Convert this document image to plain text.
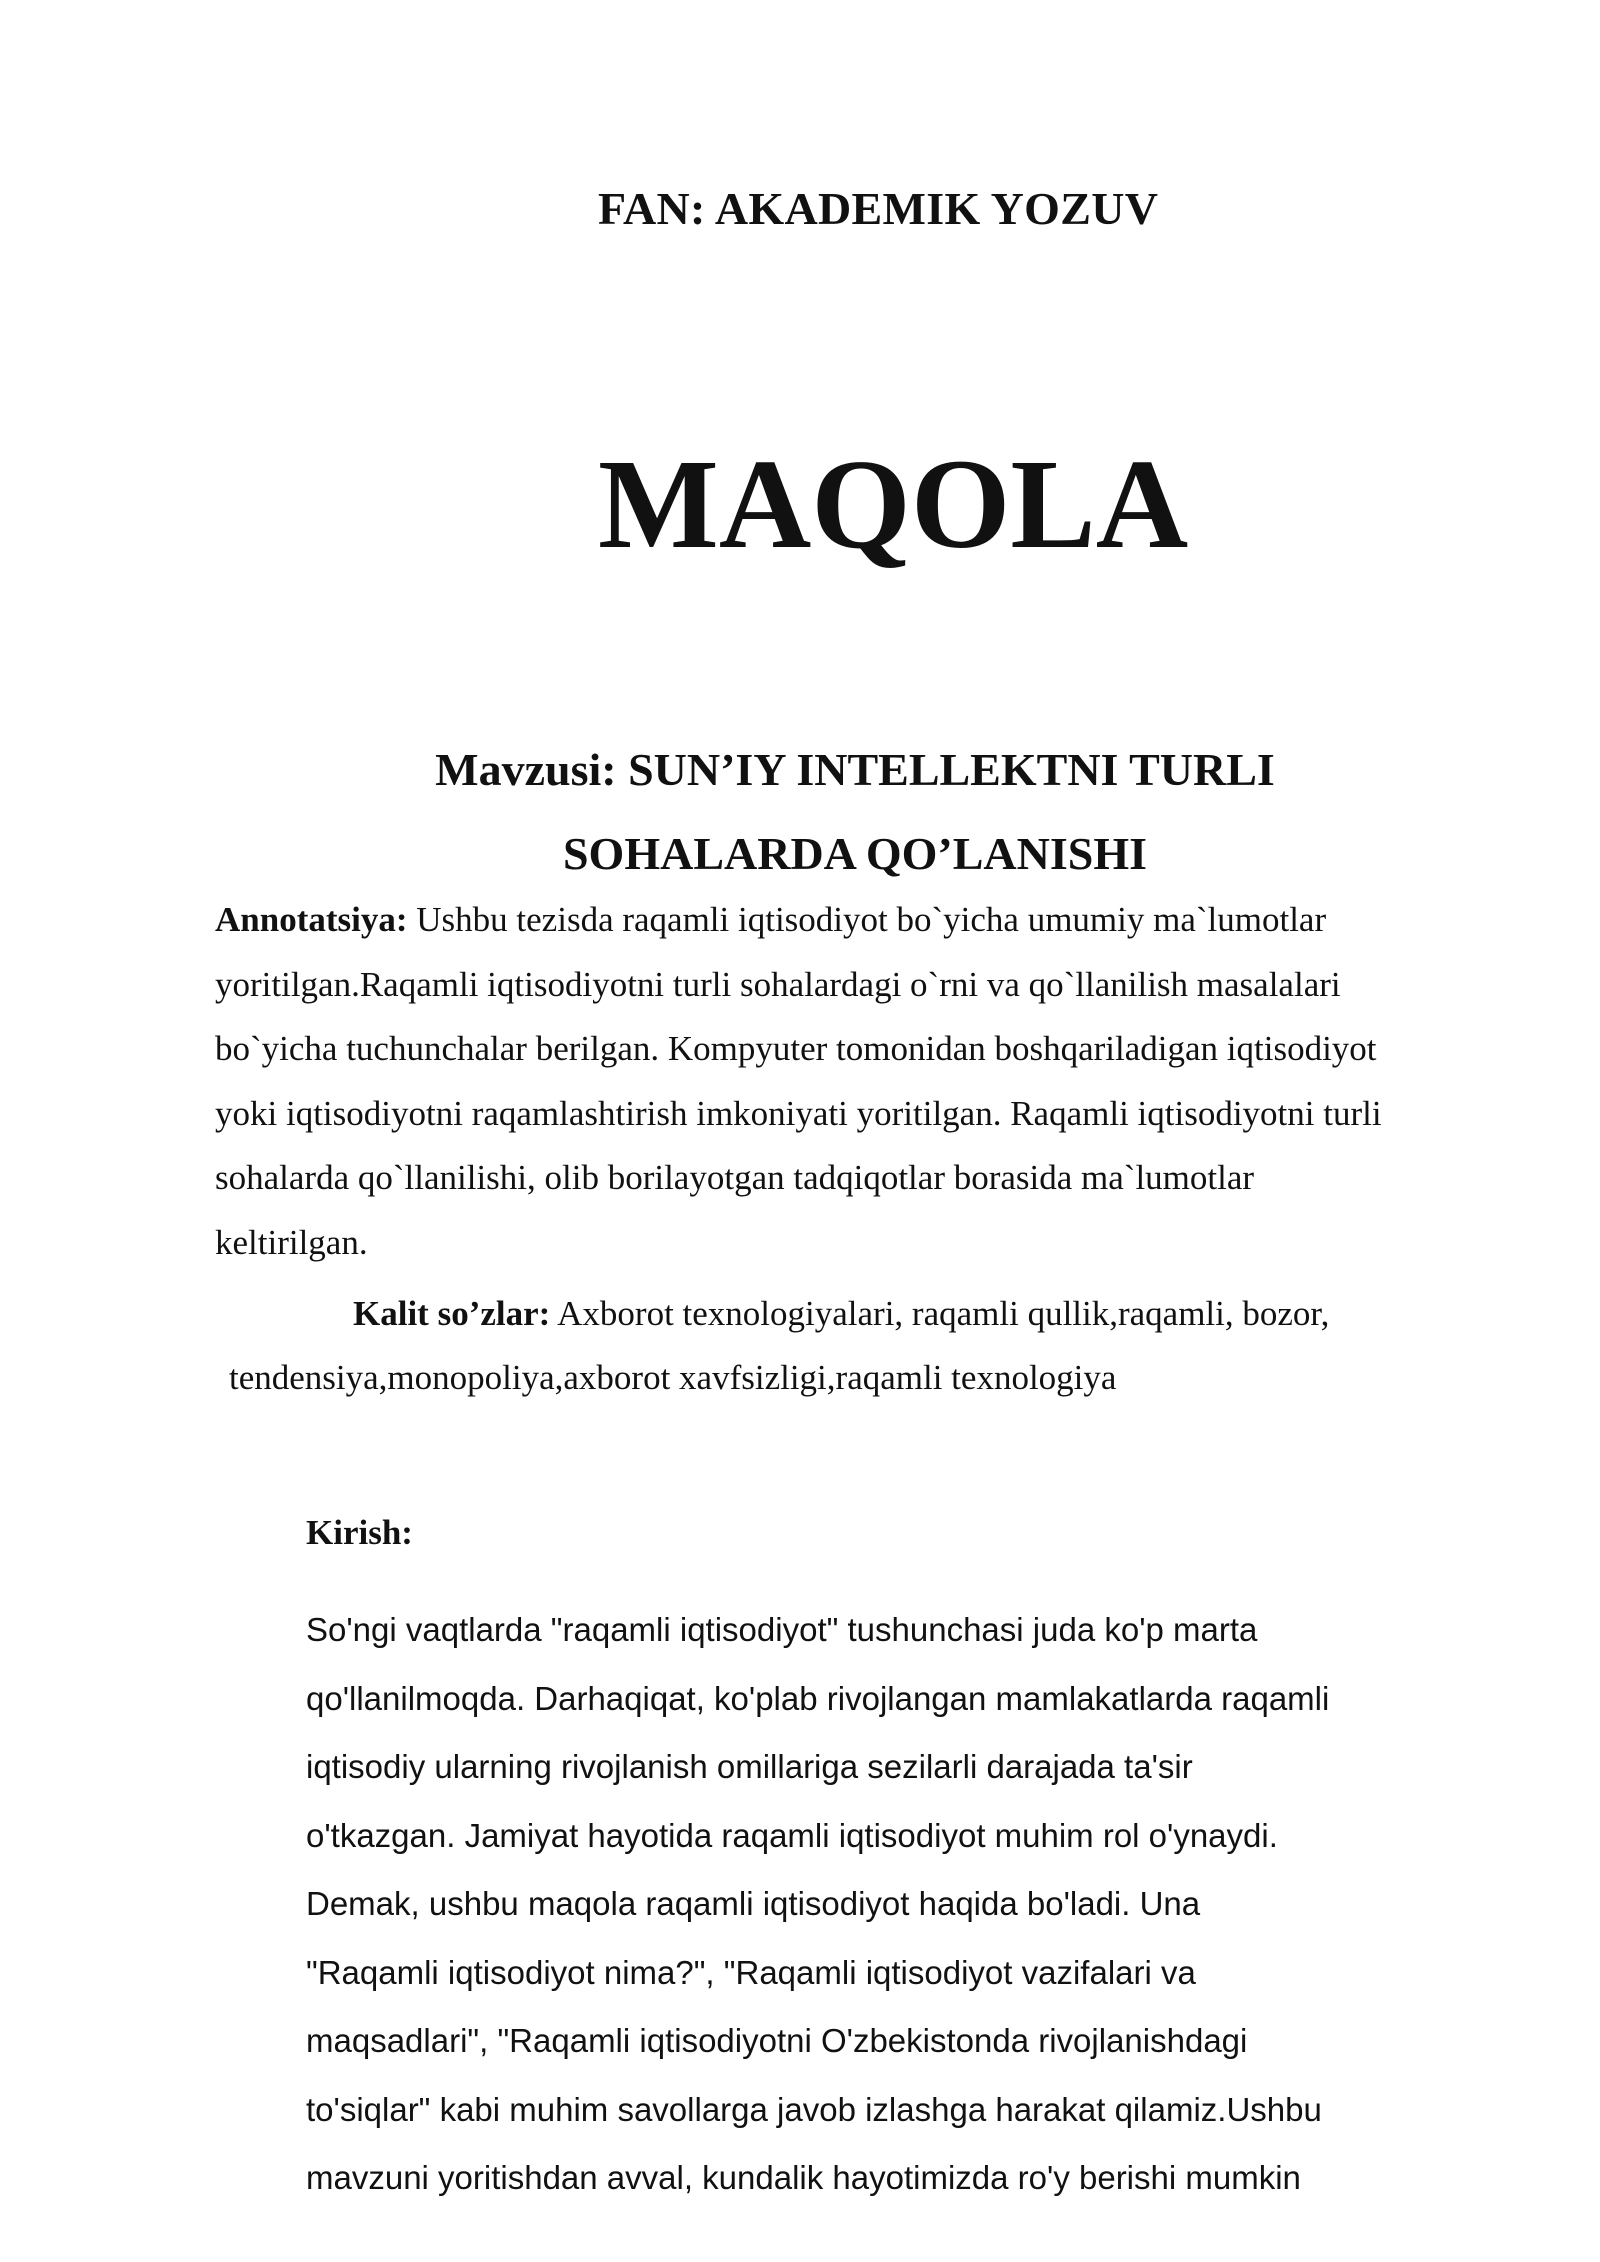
FAN: AKADEMIK YOZUV
MAQOLA
Mavzusi: SUN’IY INTELLEKTNI TURLI
SOHALARDA QO’LANISHI
Annotatsiya: Ushbu tezisda raqamli iqtisodiyot bo`yicha umumiy ma`lumotlar
yoritilgan.Raqamli iqtisodiyotni turli sohalardagi o`rni va qo`llanilish masalalari
bo`yicha tuchunchalar berilgan. Kompyuter tomonidan boshqariladigan iqtisodiyot
yoki iqtisodiyotni raqamlashtirish imkoniyati yoritilgan. Raqamli iqtisodiyotni turli
sohalarda qo`llanilishi, olib borilayotgan tadqiqotlar borasida ma`lumotlar
keltirilgan.
Kalit so’zlar: Axborot texnologiyalari, raqamli qullik,raqamli, bozor,
tendensiya,monopoliya,axborot xavfsizligi,raqamli texnologiya
Kirish:
So'ngi vaqtlarda "raqamli iqtisodiyot" tushunchasi juda ko'p marta
qo'llanilmoqda. Darhaqiqat, ko'plab rivojlangan mamlakatlarda raqamli
iqtisodiy ularning rivojlanish omillariga sezilarli darajada ta'sir
o'tkazgan. Jamiyat hayotida raqamli iqtisodiyot muhim rol o'ynaydi.
Demak, ushbu maqola raqamli iqtisodiyot haqida bo'ladi. Una
"Raqamli iqtisodiyot nima?", "Raqamli iqtisodiyot vazifalari va
maqsadlari", "Raqamli iqtisodiyotni O'zbekistonda rivojlanishdagi
to'siqlar" kabi muhim savollarga javob izlashga harakat qilamiz.Ushbu
mavzuni yoritishdan avval, kundalik hayotimizda ro'y berishi mumkin
